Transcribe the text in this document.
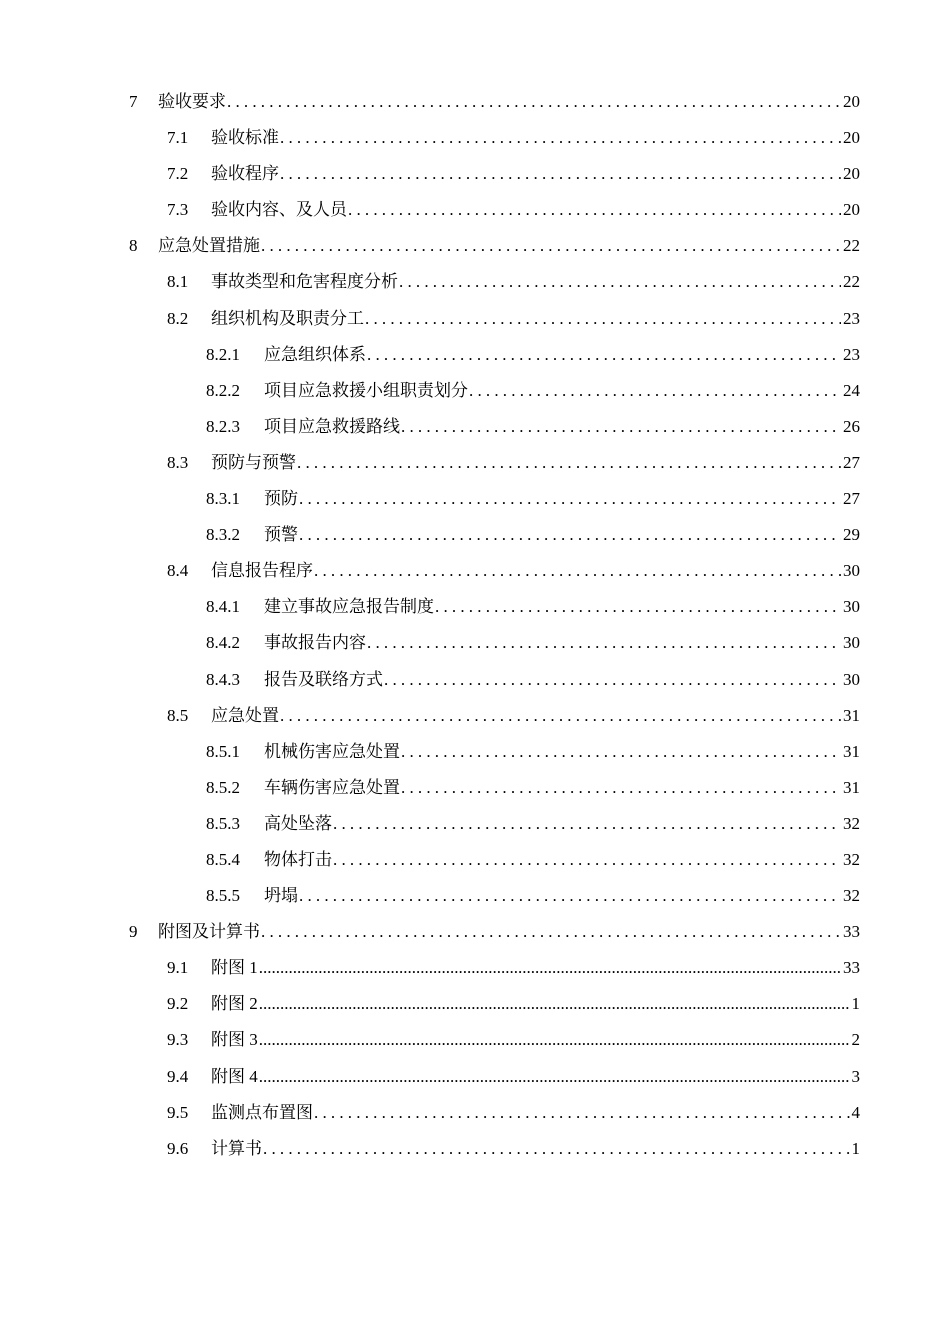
7 验收要求 .....	20
7.1 验收标准 .....	20
7.2 验收程序 .....	20
7.3 验收内容、及人员 .....	20
8 应急处置措施 .....	22
8.1 事故类型和危害程度分析 .....	22
8.2 组织机构及职责分工 .....	23
8.2.1 应急组织体系 .....	23
8.2.2 项目应急救援小组职责划分 .....	24
8.2.3 项目应急救援路线 .....	26
8.3 预防与预警 .....	27
8.3.1 预防 .....	27
8.3.2 预警 .....	29
8.4 信息报告程序 .....	30
8.4.1 建立事故应急报告制度 .....	30
8.4.2 事故报告内容 .....	30
8.4.3 报告及联络方式 .....	30
8.5 应急处置 .....	31
8.5.1 机械伤害应急处置 .....	31
8.5.2 车辆伤害应急处置 .....	31
8.5.3 高处坠落 .....	32
8.5.4 物体打击 .....	32
8.5.5 坍塌 .....	32
9 附图及计算书 .....	33
9.1 附图 1 .....	33
9.2 附图 2 .....	1
9.3 附图 3 .....	2
9.4 附图 4 .....	3
9.5 监测点布置图 .....	4
9.6 计算书 .....	1
